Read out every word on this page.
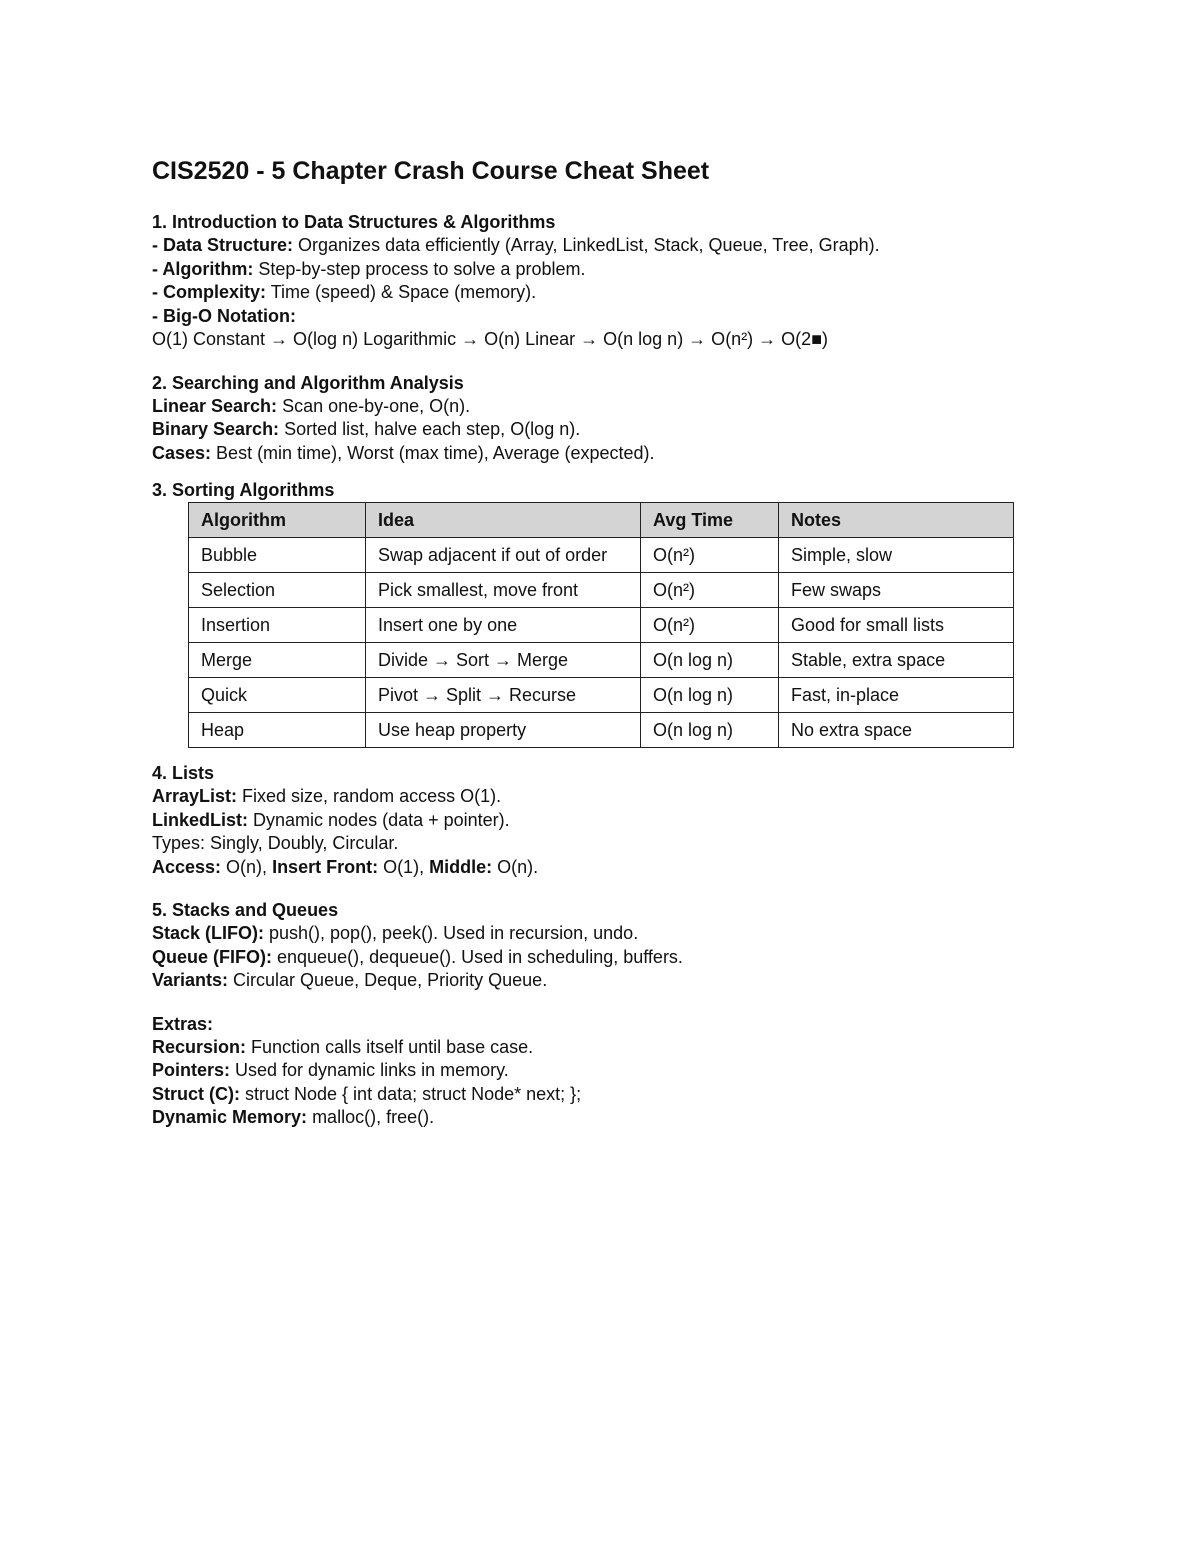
CIS2520 - 5 Chapter Crash Course Cheat Sheet
1. Introduction to Data Structures & Algorithms
- Data Structure: Organizes data efficiently (Array, LinkedList, Stack, Queue, Tree, Graph).
- Algorithm: Step-by-step process to solve a problem.
- Complexity: Time (speed) & Space (memory).
- Big-O Notation:
O(1) Constant → O(log n) Logarithmic → O(n) Linear → O(n log n) → O(n²) → O(2■)
2. Searching and Algorithm Analysis
Linear Search: Scan one-by-one, O(n).
Binary Search: Sorted list, halve each step, O(log n).
Cases: Best (min time), Worst (max time), Average (expected).
3. Sorting Algorithms
Algorithm	Idea	Avg Time	Notes
Bubble	Swap adjacent if out of order	O(n²)	Simple, slow
Selection	Pick smallest, move front	O(n²)	Few swaps
Insertion	Insert one by one	O(n²)	Good for small lists
Merge	Divide → Sort → Merge	O(n log n)	Stable, extra space
Quick	Pivot → Split → Recurse	O(n log n)	Fast, in-place
Heap	Use heap property	O(n log n)	No extra space
4. Lists
ArrayList: Fixed size, random access O(1).
LinkedList: Dynamic nodes (data + pointer).
Types: Singly, Doubly, Circular.
Access: O(n), Insert Front: O(1), Middle: O(n).
5. Stacks and Queues
Stack (LIFO): push(), pop(), peek(). Used in recursion, undo.
Queue (FIFO): enqueue(), dequeue(). Used in scheduling, buffers.
Variants: Circular Queue, Deque, Priority Queue.
Extras:
Recursion: Function calls itself until base case.
Pointers: Used for dynamic links in memory.
Struct (C): struct Node { int data; struct Node* next; };
Dynamic Memory: malloc(), free().
